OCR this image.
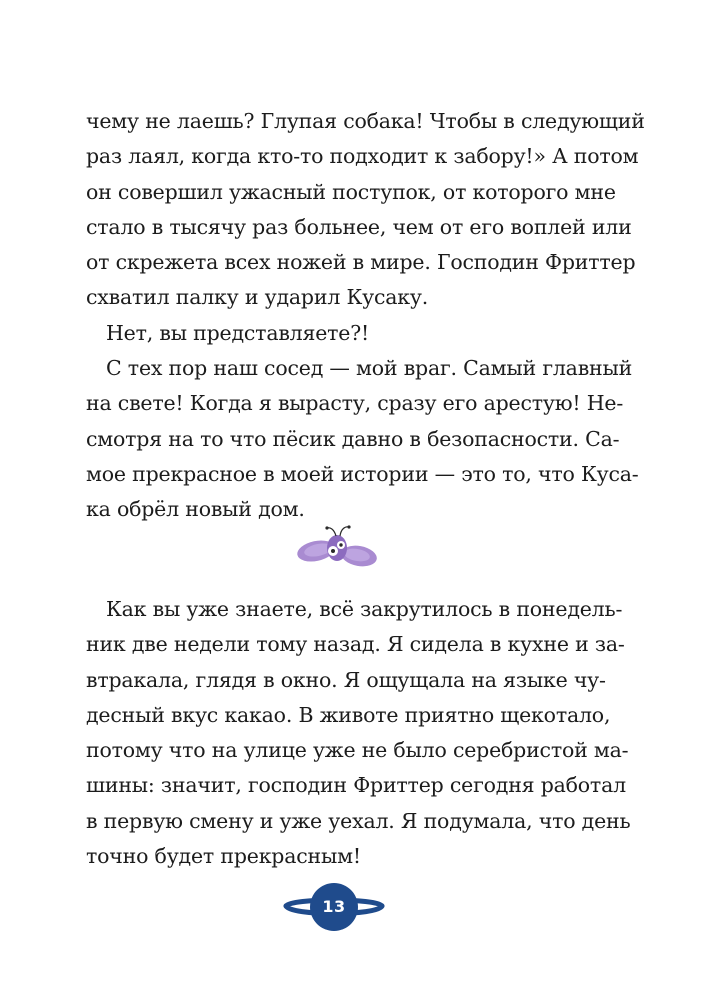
чему не лаешь? Глупая собака! Чтобы в следующий
раз лаял, когда кто-то подходит к забору!» А потом
он совершил ужасный поступок, от которого мне
стало в тысячу раз больнее, чем от его воплей или
от скрежета всех ножей в мире. Господин Фриттер
схватил палку и ударил Кусаку.
Нет, вы представляете?!
С тех пор наш сосед — мой враг. Самый главный
на свете! Когда я вырасту, сразу его арестую! Не-
смотря на то что пёсик давно в безопасности. Са-
мое прекрасное в моей истории — это то, что Куса-
ка обрёл новый дом.
Как вы уже знаете, всё закрутилось в понедель-
ник две недели тому назад. Я сидела в кухне и за-
втракала, глядя в окно. Я ощущала на языке чу-
десный вкус какао. В животе приятно щекотало,
потому что на улице уже не было серебристой ма-
шины: значит, господин Фриттер сегодня работал
в первую смену и уже уехал. Я подумала, что день
точно будет прекрасным!
13
